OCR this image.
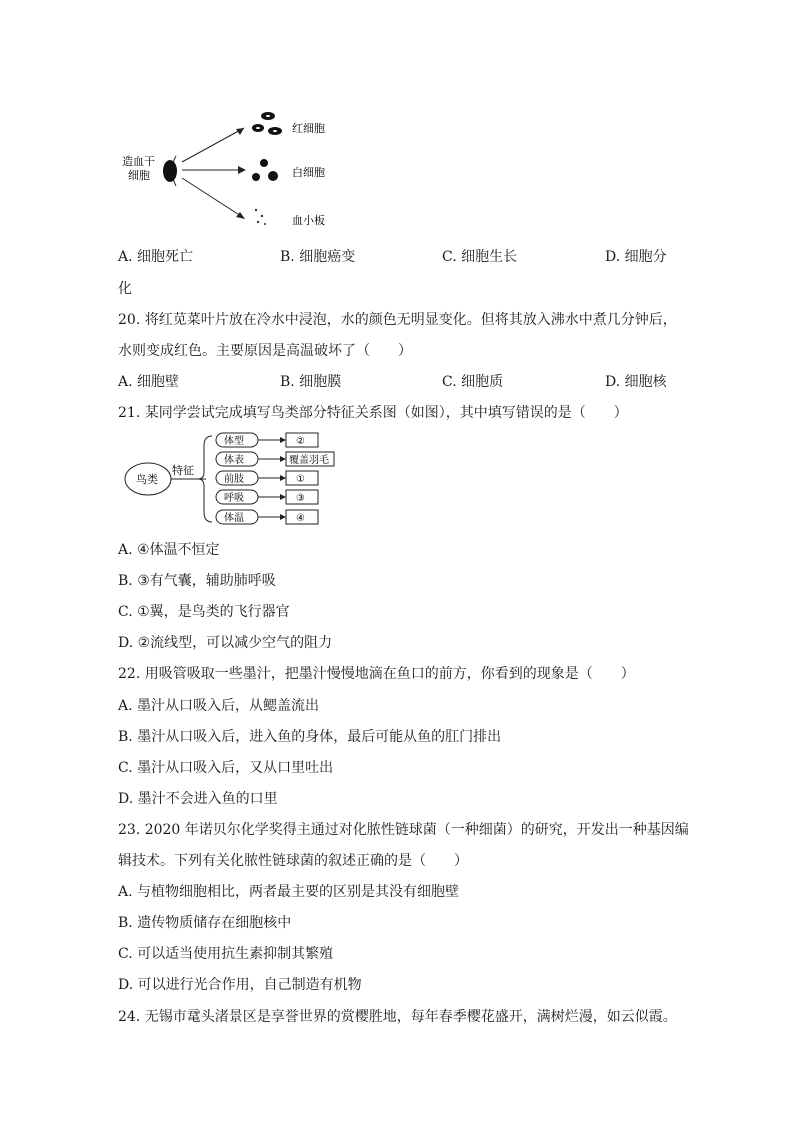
造血干
细胞
红细胞
白细胞
血小板
A. 细胞死亡	B. 细胞癌变	C. 细胞生长	D. 细胞分
化
20. 将红苋菜叶片放在冷水中浸泡，水的颜色无明显变化。但将其放入沸水中煮几分钟后，
水则变成红色。主要原因是高温破坏了（　　）
A. 细胞壁	B. 细胞膜	C. 细胞质	D. 细胞核
21. 某同学尝试完成填写鸟类部分特征关系图（如图），其中填写错误的是（　　）
鸟类
特征
体型	②
体表	覆盖羽毛
前肢	①
呼吸	③
体温	④
A. ④体温不恒定
B. ③有气囊，辅助肺呼吸
C. ①翼，是鸟类的飞行器官
D. ②流线型，可以减少空气的阻力
22. 用吸管吸取一些墨汁，把墨汁慢慢地滴在鱼口的前方，你看到的现象是（　　）
A. 墨汁从口吸入后，从鳃盖流出
B. 墨汁从口吸入后，进入鱼的身体，最后可能从鱼的肛门排出
C. 墨汁从口吸入后，又从口里吐出
D. 墨汁不会进入鱼的口里
23. 2020 年诺贝尔化学奖得主通过对化脓性链球菌（一种细菌）的研究，开发出一种基因编
辑技术。下列有关化脓性链球菌的叙述正确的是（　　）
A. 与植物细胞相比，两者最主要的区别是其没有细胞壁
B. 遗传物质储存在细胞核中
C. 可以适当使用抗生素抑制其繁殖
D. 可以进行光合作用，自己制造有机物
24. 无锡市鼋头渚景区是享誉世界的赏樱胜地，每年春季樱花盛开，满树烂漫，如云似霞。
